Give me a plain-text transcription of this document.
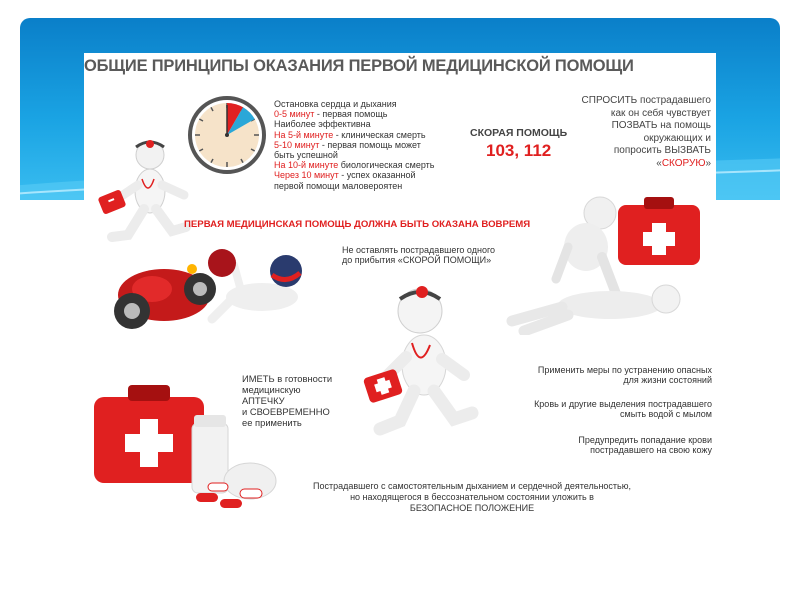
ОБЩИЕ ПРИНЦИПЫ ОКАЗАНИЯ ПЕРВОЙ МЕДИЦИНСКОЙ ПОМОЩИ
Остановка сердца и дыхания
0-5 минут - первая помощь
Наиболее эффективна
На 5-й минуте - клиническая смерть
5-10 минут - первая помощь может
быть успешной
На 10-й минуте биологическая смерть
Через 10 минут - успех оказанной
первой помощи маловероятен
СКОРАЯ ПОМОЩЬ
103, 112
СПРОСИТЬ пострадавшего
как он себя чувствует
ПОЗВАТЬ на помощь
окружающих и
попросить ВЫЗВАТЬ
«СКОРУЮ»
ПЕРВАЯ МЕДИЦИНСКАЯ ПОМОЩЬ ДОЛЖНА БЫТЬ ОКАЗАНА ВОВРЕМЯ
Не оставлять пострадавшего одного
до прибытия «СКОРОЙ ПОМОЩИ»
ИМЕТЬ в готовности
медицинскую
АПТЕЧКУ
и СВОЕВРЕМЕННО
ее применить
Применить меры по устранению опасных
для жизни состояний
Кровь и другие выделения пострадавшего
смыть водой с мылом
Предупредить попадание крови
пострадавшего на свою кожу
Пострадавшего с самостоятельным дыханием и сердечной деятельностью,
но находящегося в бессознательном состоянии уложить в
БЕЗОПАСНОЕ ПОЛОЖЕНИЕ
